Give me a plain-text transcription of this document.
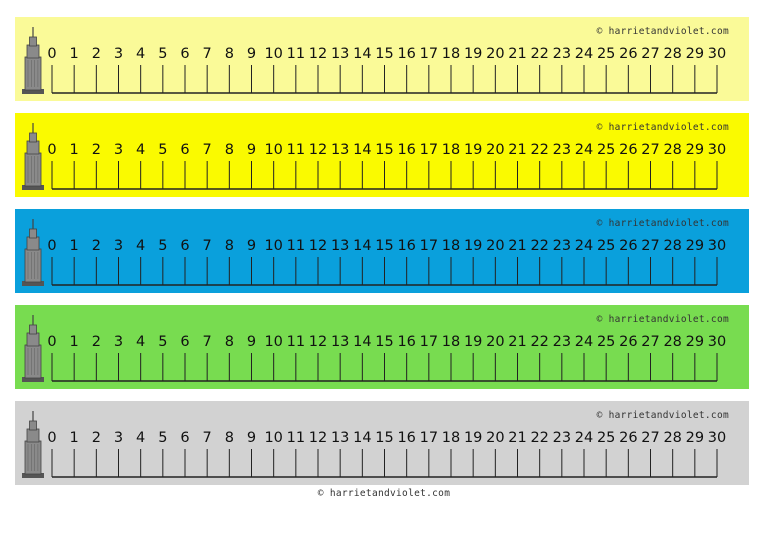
0 1 2 3 4 5 6 7 8 9 10 11 12 13 14 15 16 17 18 19 20 21 22 23 24 25 26 27 28 29 30
© harrietandviolet.com
0 1 2 3 4 5 6 7 8 9 10 11 12 13 14 15 16 17 18 19 20 21 22 23 24 25 26 27 28 29 30
© harrietandviolet.com
0 1 2 3 4 5 6 7 8 9 10 11 12 13 14 15 16 17 18 19 20 21 22 23 24 25 26 27 28 29 30
© harrietandviolet.com
0 1 2 3 4 5 6 7 8 9 10 11 12 13 14 15 16 17 18 19 20 21 22 23 24 25 26 27 28 29 30
© harrietandviolet.com
0 1 2 3 4 5 6 7 8 9 10 11 12 13 14 15 16 17 18 19 20 21 22 23 24 25 26 27 28 29 30
© harrietandviolet.com
© harrietandviolet.com
